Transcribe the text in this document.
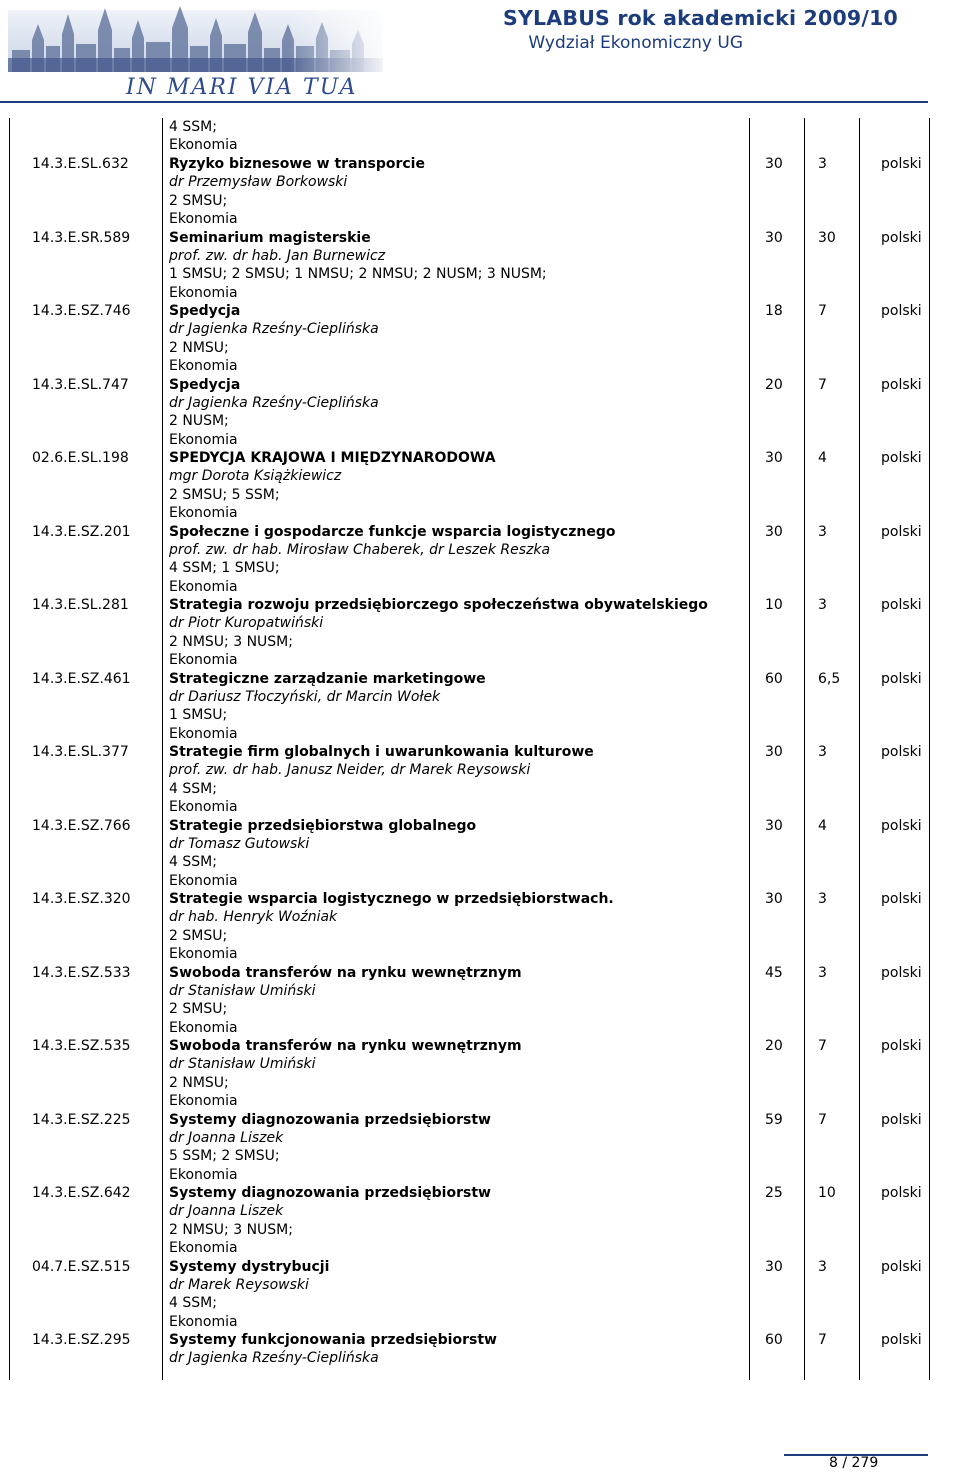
IN MARI VIA TUA
SYLABUS rok akademicki 2009/10
Wydział Ekonomiczny UG
4 SSM;
Ekonomia
14.3.E.SL.632	Ryzyko biznesowe w transporcie
dr Przemysław Borkowski
2 SMSU;
Ekonomia
30	3	polski
14.3.E.SR.589	Seminarium magisterskie
prof. zw. dr hab. Jan Burnewicz
1 SMSU; 2 SMSU; 1 NMSU; 2 NMSU; 2 NUSM; 3 NUSM;
Ekonomia
30	30	polski
14.3.E.SZ.746	Spedycja
dr Jagienka Rześny-Cieplińska
2 NMSU;
Ekonomia
18	7	polski
14.3.E.SL.747	Spedycja
dr Jagienka Rześny-Cieplińska
2 NUSM;
Ekonomia
20	7	polski
02.6.E.SL.198	SPEDYCJA KRAJOWA I MIĘDZYNARODOWA
mgr Dorota Książkiewicz
2 SMSU; 5 SSM;
Ekonomia
30	4	polski
14.3.E.SZ.201	Społeczne i gospodarcze funkcje wsparcia logistycznego
prof. zw. dr hab. Mirosław Chaberek, dr Leszek Reszka
4 SSM; 1 SMSU;
Ekonomia
30	3	polski
14.3.E.SL.281	Strategia rozwoju przedsiębiorczego społeczeństwa obywatelskiego
dr Piotr Kuropatwiński
2 NMSU; 3 NUSM;
Ekonomia
10	3	polski
14.3.E.SZ.461	Strategiczne zarządzanie marketingowe
dr Dariusz Tłoczyński, dr Marcin Wołek
1 SMSU;
Ekonomia
60	6,5	polski
14.3.E.SL.377	Strategie firm globalnych i uwarunkowania kulturowe
prof. zw. dr hab. Janusz Neider, dr Marek Reysowski
4 SSM;
Ekonomia
30	3	polski
14.3.E.SZ.766	Strategie przedsiębiorstwa globalnego
dr Tomasz Gutowski
4 SSM;
Ekonomia
30	4	polski
14.3.E.SZ.320	Strategie wsparcia logistycznego w przedsiębiorstwach.
dr hab. Henryk Woźniak
2 SMSU;
Ekonomia
30	3	polski
14.3.E.SZ.533	Swoboda transferów na rynku wewnętrznym
dr Stanisław Umiński
2 SMSU;
Ekonomia
45	3	polski
14.3.E.SZ.535	Swoboda transferów na rynku wewnętrznym
dr Stanisław Umiński
2 NMSU;
Ekonomia
20	7	polski
14.3.E.SZ.225	Systemy diagnozowania przedsiębiorstw
dr Joanna Liszek
5 SSM; 2 SMSU;
Ekonomia
59	7	polski
14.3.E.SZ.642	Systemy diagnozowania przedsiębiorstw
dr Joanna Liszek
2 NMSU; 3 NUSM;
Ekonomia
25	10	polski
04.7.E.SZ.515	Systemy dystrybucji
dr Marek Reysowski
4 SSM;
Ekonomia
30	3	polski
14.3.E.SZ.295	Systemy funkcjonowania przedsiębiorstw
dr Jagienka Rześny-Cieplińska
60	7	polski
8 / 279
